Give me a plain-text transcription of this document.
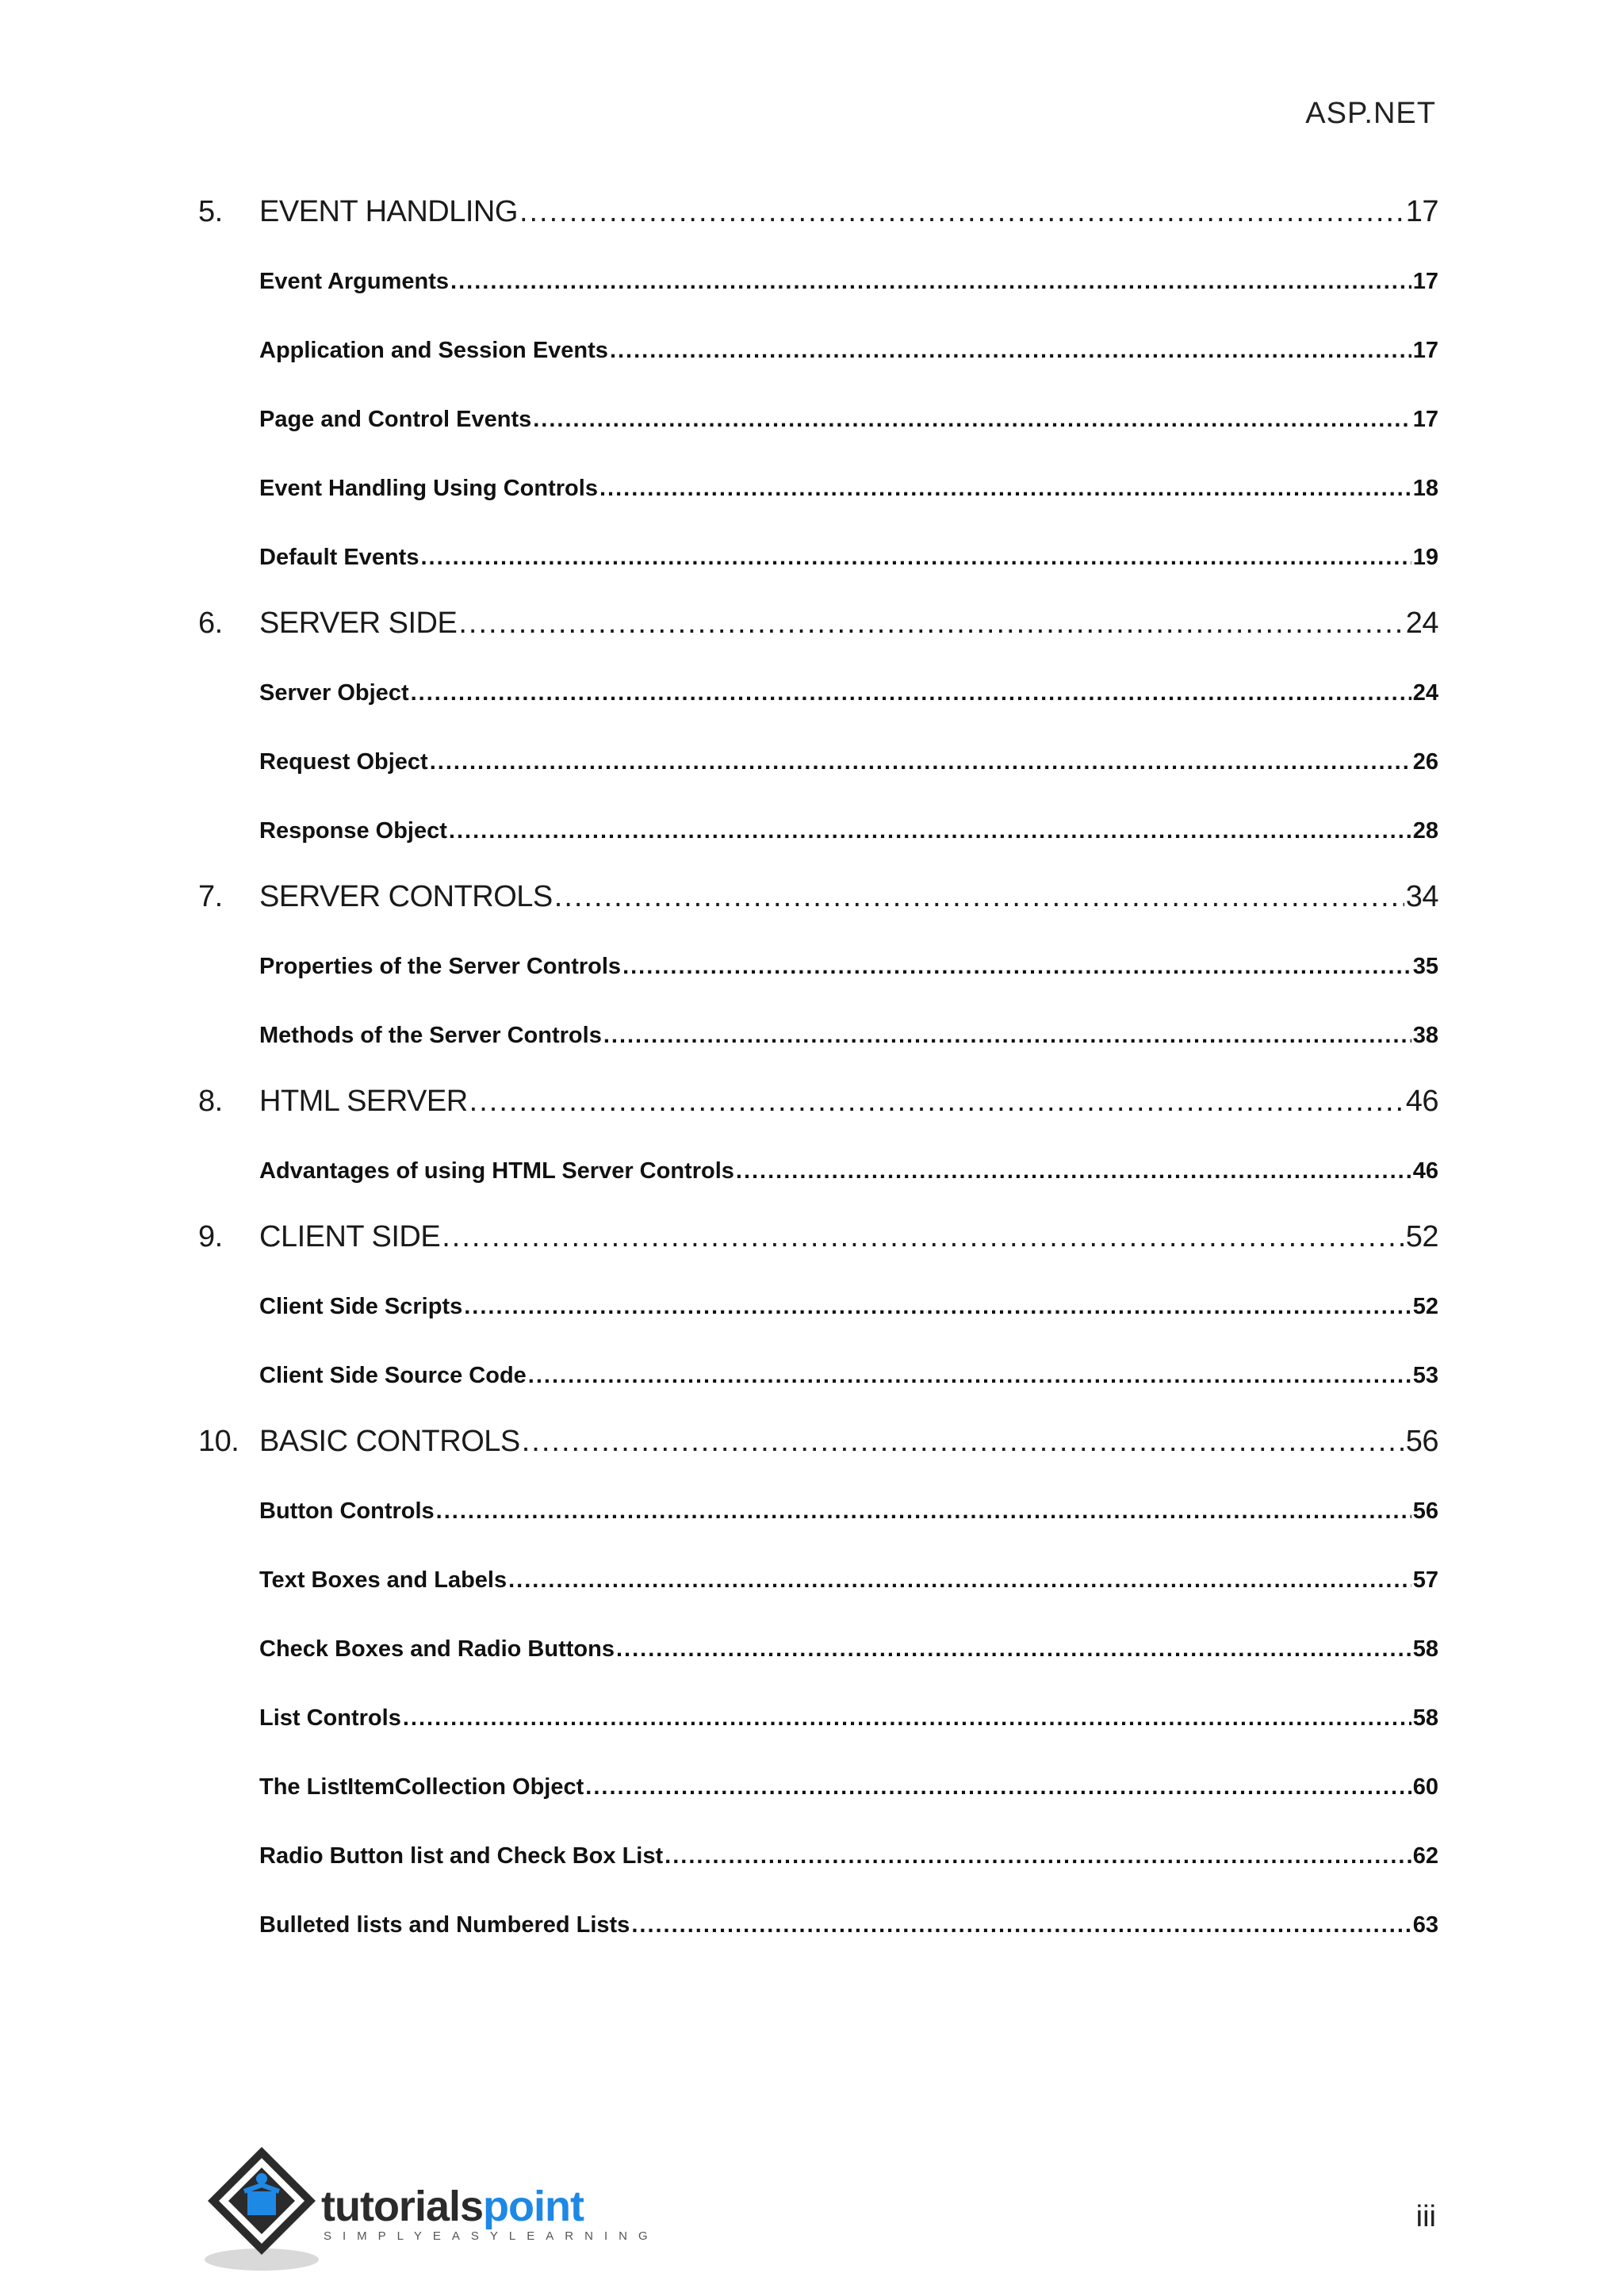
ASP.NET
5.	EVENT HANDLING .....	17
Event Arguments .....	17
Application and Session Events .....	17
Page and Control Events .....	17
Event Handling Using Controls .....	18
Default Events .....	19
6.	SERVER SIDE .....	24
Server Object .....	24
Request Object .....	26
Response Object .....	28
7.	SERVER CONTROLS .....	34
Properties of the Server Controls .....	35
Methods of the Server Controls .....	38
8.	HTML SERVER .....	46
Advantages of using HTML Server Controls .....	46
9.	CLIENT SIDE .....	52
Client Side Scripts .....	52
Client Side Source Code .....	53
10. BASIC CONTROLS .....	56
Button Controls .....	56
Text Boxes and Labels .....	57
Check Boxes and Radio Buttons .....	58
List Controls .....	58
The ListItemCollection Object .....	60
Radio Button list and Check Box List .....	62
Bulleted lists and Numbered Lists .....	63
tutorialspoint
SIMPLYEASYLEARNING
iii
